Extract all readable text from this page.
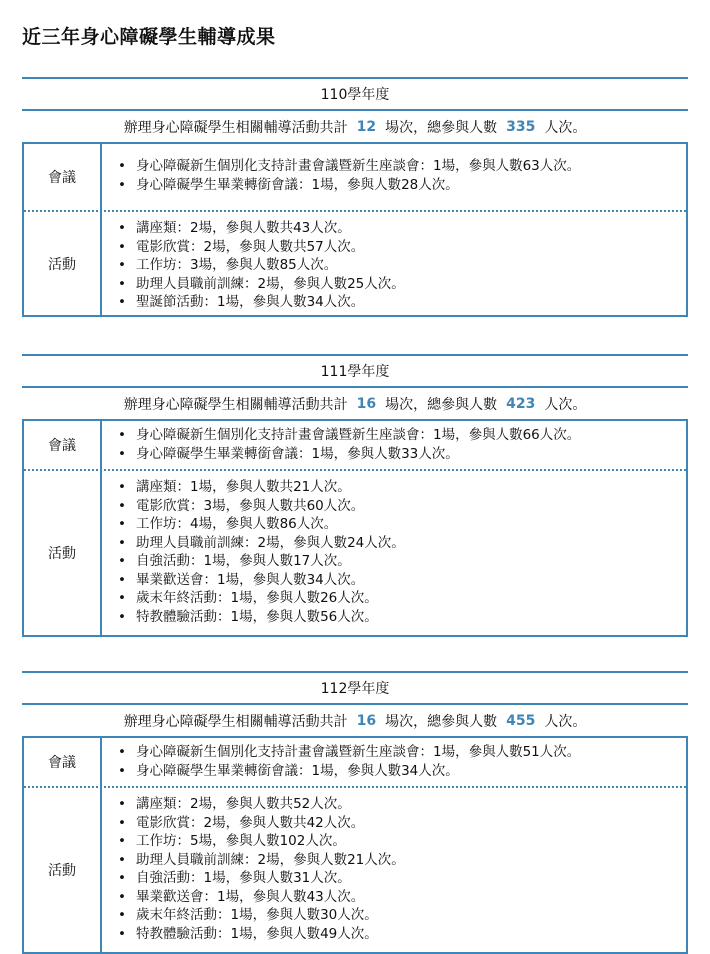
近三年身心障礙學生輔導成果
110學年度
辦理身心障礙學生相關輔導活動共計 12 場次，總參與人數 335 人次。
會議
• 身心障礙新生個別化支持計畫會議暨新生座談會：1場，參與人數63人次。
• 身心障礙學生畢業轉銜會議：1場，參與人數28人次。
活動
• 講座類：2場，參與人數共43人次。
• 電影欣賞：2場，參與人數共57人次。
• 工作坊：3場，參與人數85人次。
• 助理人員職前訓練：2場，參與人數25人次。
• 聖誕節活動：1場，參與人數34人次。
111學年度
辦理身心障礙學生相關輔導活動共計 16 場次，總參與人數 423 人次。
會議
• 身心障礙新生個別化支持計畫會議暨新生座談會：1場，參與人數66人次。
• 身心障礙學生畢業轉銜會議：1場，參與人數33人次。
活動
• 講座類：1場，參與人數共21人次。
• 電影欣賞：3場，參與人數共60人次。
• 工作坊：4場，參與人數86人次。
• 助理人員職前訓練：2場，參與人數24人次。
• 自強活動：1場，參與人數17人次。
• 畢業歡送會：1場，參與人數34人次。
• 歲末年終活動：1場，參與人數26人次。
• 特教體驗活動：1場，參與人數56人次。
112學年度
辦理身心障礙學生相關輔導活動共計 16 場次，總參與人數 455 人次。
會議
• 身心障礙新生個別化支持計畫會議暨新生座談會：1場，參與人數51人次。
• 身心障礙學生畢業轉銜會議：1場，參與人數34人次。
活動
• 講座類：2場，參與人數共52人次。
• 電影欣賞：2場，參與人數共42人次。
• 工作坊：5場，參與人數102人次。
• 助理人員職前訓練：2場，參與人數21人次。
• 自強活動：1場，參與人數31人次。
• 畢業歡送會：1場，參與人數43人次。
• 歲末年終活動：1場，參與人數30人次。
• 特教體驗活動：1場，參與人數49人次。
